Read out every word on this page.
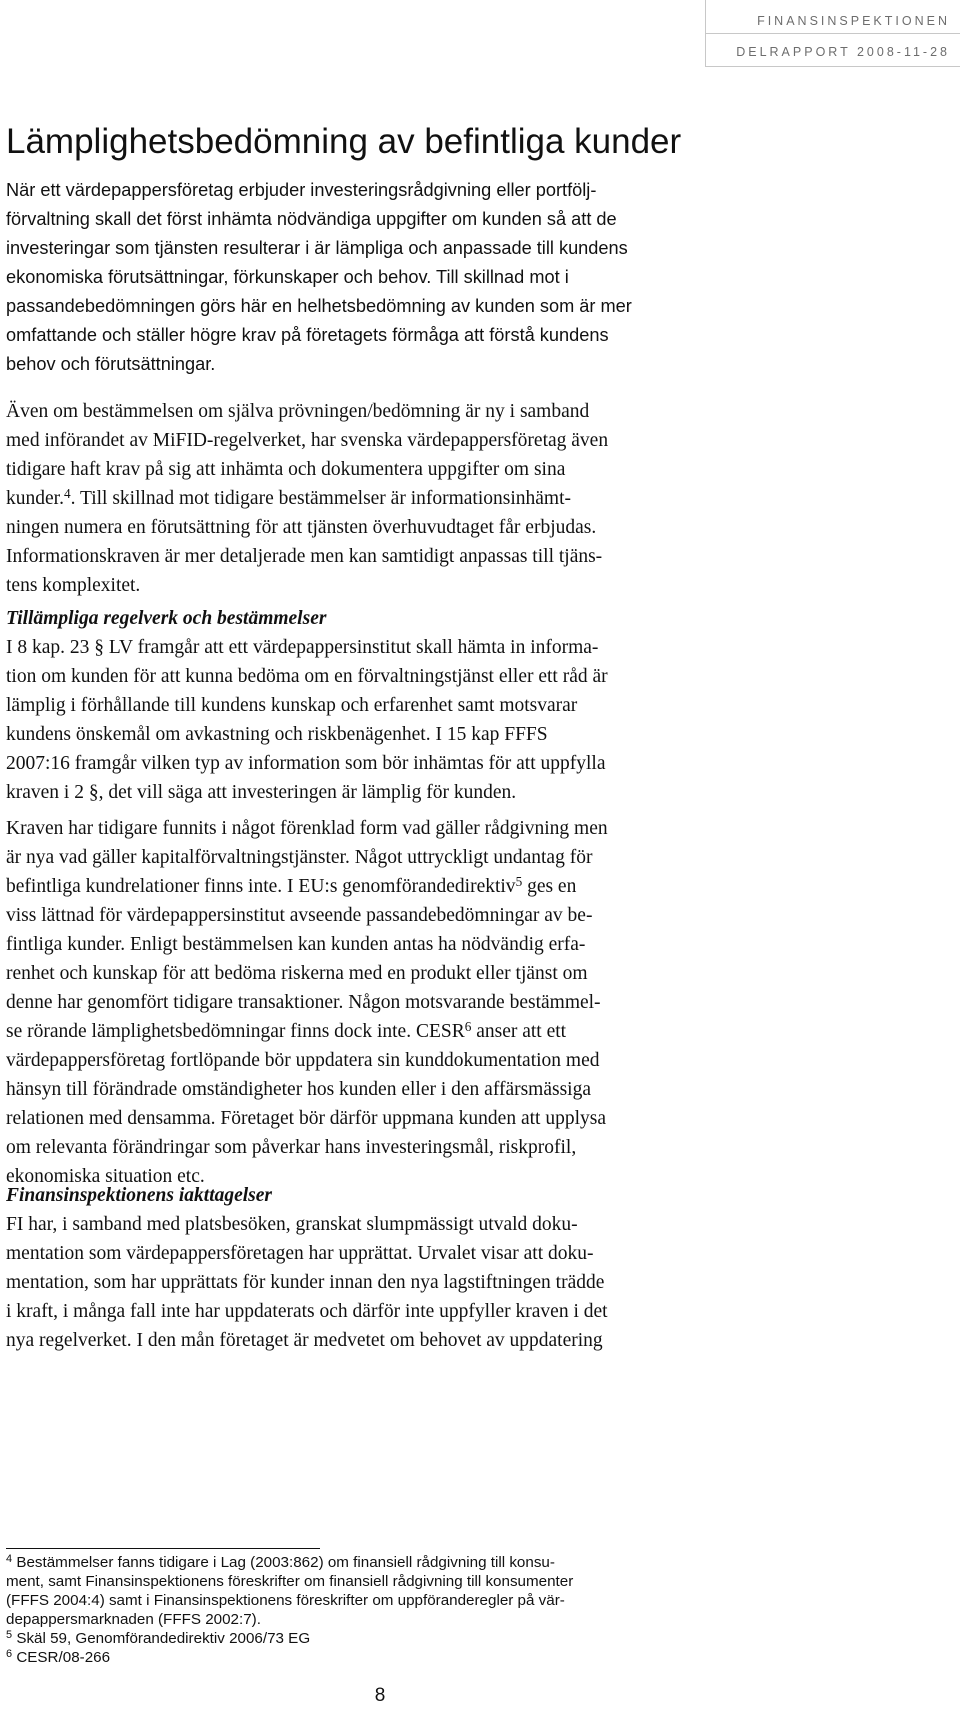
FINANSINSPEKTIONEN
DELRAPPORT 2008-11-28
Lämplighetsbedömning av befintliga kunder
När ett värdepappersföretag erbjuder investeringsrådgivning eller portfölj-
förvaltning skall det först inhämta nödvändiga uppgifter om kunden så att de
investeringar som tjänsten resulterar i är lämpliga och anpassade till kundens
ekonomiska förutsättningar, förkunskaper och behov. Till skillnad mot i
passandebedömningen görs här en helhetsbedömning av kunden som är mer
omfattande och ställer högre krav på företagets förmåga att förstå kundens
behov och förutsättningar.
Även om bestämmelsen om själva prövningen/bedömning är ny i samband
med införandet av MiFID-regelverket, har svenska värdepappersföretag även
tidigare haft krav på sig att inhämta och dokumentera uppgifter om sina
kunder.$^4$. Till skillnad mot tidigare bestämmelser är informationsinhämt-
ningen numera en förutsättning för att tjänsten överhuvudtaget får erbjudas.
Informationskraven är mer detaljerade men kan samtidigt anpassas till tjäns-
tens komplexitet.
Tillämpliga regelverk och bestämmelser
I 8 kap. 23 § LV framgår att ett värdepappersinstitut skall hämta in informa-
tion om kunden för att kunna bedöma om en förvaltningstjänst eller ett råd är
lämplig i förhållande till kundens kunskap och erfarenhet samt motsvarar
kundens önskemål om avkastning och riskbenägenhet. I 15 kap FFFS
2007:16 framgår vilken typ av information som bör inhämtas för att uppfylla
kraven i 2 §, det vill säga att investeringen är lämplig för kunden.
Kraven har tidigare funnits i något förenklad form vad gäller rådgivning men
är nya vad gäller kapitalförvaltningstjänster. Något uttryckligt undantag för
befintliga kundrelationer finns inte. I EU:s genomförandedirektiv$^5$ ges en
viss lättnad för värdepappersinstitut avseende passandebedömningar av be-
fintliga kunder. Enligt bestämmelsen kan kunden antas ha nödvändig erfa-
renhet och kunskap för att bedöma riskerna med en produkt eller tjänst om
denne har genomfört tidigare transaktioner. Någon motsvarande bestämmel-
se rörande lämplighetsbedömningar finns dock inte. CESR$^6$ anser att ett
värdepappersföretag fortlöpande bör uppdatera sin kunddokumentation med
hänsyn till förändrade omständigheter hos kunden eller i den affärsmässiga
relationen med densamma. Företaget bör därför uppmana kunden att upplysa
om relevanta förändringar som påverkar hans investeringsmål, riskprofil,
ekonomiska situation etc.
Finansinspektionens iakttagelser
FI har, i samband med platsbesöken, granskat slumpmässigt utvald doku-
mentation som värdepappersföretagen har upprättat. Urvalet visar att doku-
mentation, som har upprättats för kunder innan den nya lagstiftningen trädde
i kraft, i många fall inte har uppdaterats och därför inte uppfyller kraven i det
nya regelverket. I den mån företaget är medvetet om behovet av uppdatering
$^4$ Bestämmelser fanns tidigare i Lag (2003:862) om finansiell rådgivning till konsu-
ment, samt Finansinspektionens föreskrifter om finansiell rådgivning till konsumenter
(FFFS 2004:4) samt i Finansinspektionens föreskrifter om uppföranderegler på vär-
depappersmarknaden (FFFS 2002:7).
$^5$ Skäl 59, Genomförandedirektiv 2006/73 EG
$^6$ CESR/08-266
8
